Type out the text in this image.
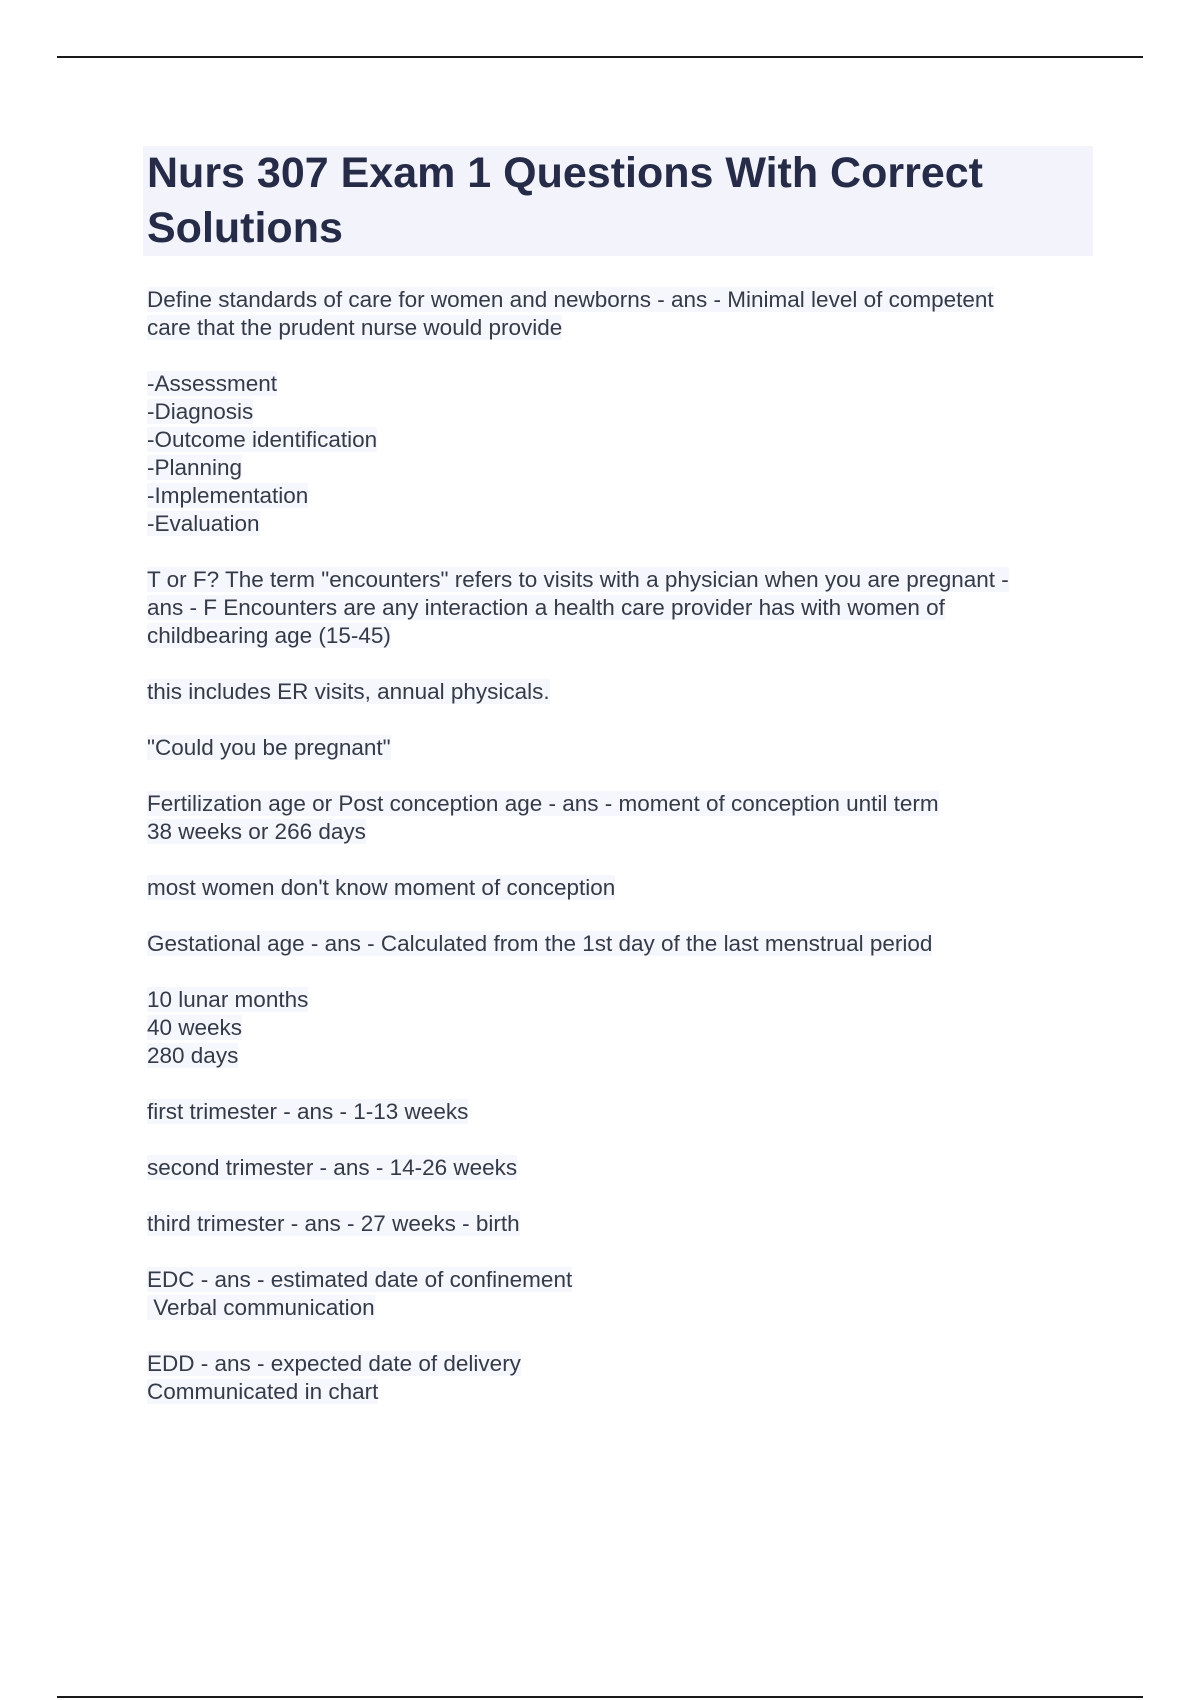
Nurs 307 Exam 1 Questions With Correct Solutions

Define standards of care for women and newborns - ans - Minimal level of competent
care that the prudent nurse would provide

-Assessment
-Diagnosis
-Outcome identification
-Planning
-Implementation
-Evaluation

T or F? The term "encounters" refers to visits with a physician when you are pregnant -
ans - F Encounters are any interaction a health care provider has with women of
childbearing age (15-45)

this includes ER visits, annual physicals.

"Could you be pregnant"

Fertilization age or Post conception age - ans - moment of conception until term
38 weeks or 266 days

most women don't know moment of conception

Gestational age - ans - Calculated from the 1st day of the last menstrual period

10 lunar months
40 weeks
280 days

first trimester - ans - 1-13 weeks

second trimester - ans - 14-26 weeks

third trimester - ans - 27 weeks - birth

EDC - ans - estimated date of confinement
Verbal communication

EDD - ans - expected date of delivery
Communicated in chart
